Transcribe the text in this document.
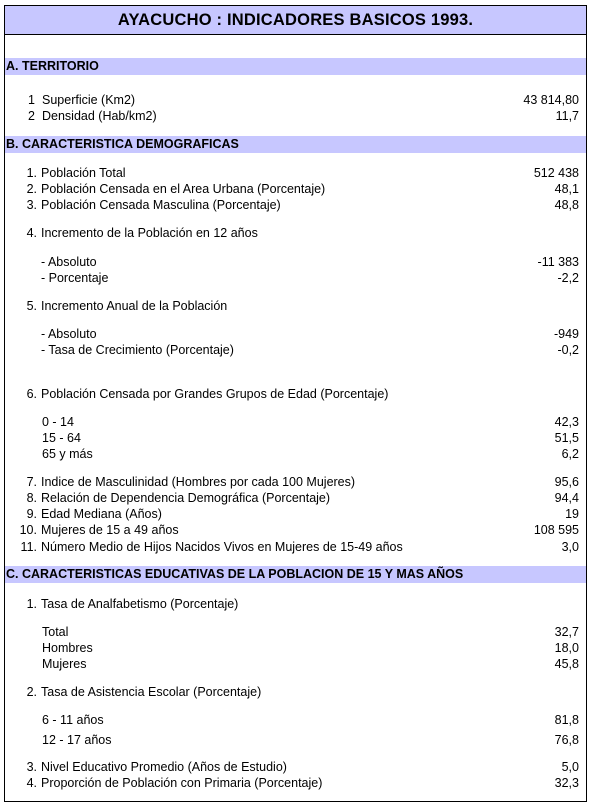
AYACUCHO : INDICADORES BASICOS 1993.
A. TERRITORIO
1 Superficie (Km2)	43 814,80
2 Densidad (Hab/km2)	11,7
B. CARACTERISTICA DEMOGRAFICAS
1. Población Total	512 438
2. Población Censada en el Area Urbana (Porcentaje)	48,1
3. Población Censada Masculina (Porcentaje)	48,8
4. Incremento de la Población en 12 años
- Absoluto	-11 383
- Porcentaje	-2,2
5. Incremento Anual de la Población
- Absoluto	-949
- Tasa de Crecimiento (Porcentaje)	-0,2
6. Población Censada por Grandes Grupos de Edad (Porcentaje)
0 - 14	42,3
15 - 64	51,5
65 y más	6,2
7. Indice de Masculinidad (Hombres por cada 100 Mujeres)	95,6
8. Relación de Dependencia Demográfica (Porcentaje)	94,4
9. Edad Mediana (Años)	19
10. Mujeres de 15 a 49 años	108 595
11. Número Medio de Hijos Nacidos Vivos en Mujeres de 15-49 años	3,0
C. CARACTERISTICAS EDUCATIVAS DE LA POBLACION DE 15 Y MAS AÑOS
1. Tasa de Analfabetismo (Porcentaje)
Total	32,7
Hombres	18,0
Mujeres	45,8
2. Tasa de Asistencia Escolar (Porcentaje)
6 - 11 años	81,8
12 - 17 años	76,8
3. Nivel Educativo Promedio (Años de Estudio)	5,0
4. Proporción de Población con Primaria (Porcentaje)	32,3
